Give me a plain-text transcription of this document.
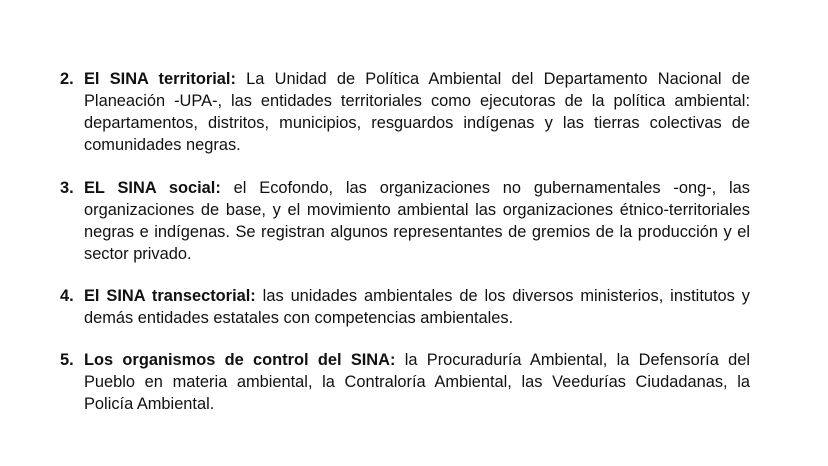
2. El SINA territorial: La Unidad de Política Ambiental del Departamento Nacional de Planeación -UPA-, las entidades territoriales como ejecutoras de la política ambiental: departamentos, distritos, municipios, resguardos indígenas y las tierras colectivas de comunidades negras.
3. EL SINA social: el Ecofondo, las organizaciones no gubernamentales -ong-, las organizaciones de base, y el movimiento ambiental las organizaciones étnico-territoriales negras e indígenas. Se registran algunos representantes de gremios de la producción y el sector privado.
4. El SINA transectorial: las unidades ambientales de los diversos ministerios, institutos y demás entidades estatales con competencias ambientales.
5. Los organismos de control del SINA: la Procuraduría Ambiental, la Defensoría del Pueblo en materia ambiental, la Contraloría Ambiental, las Veedurías Ciudadanas, la Policía Ambiental.
